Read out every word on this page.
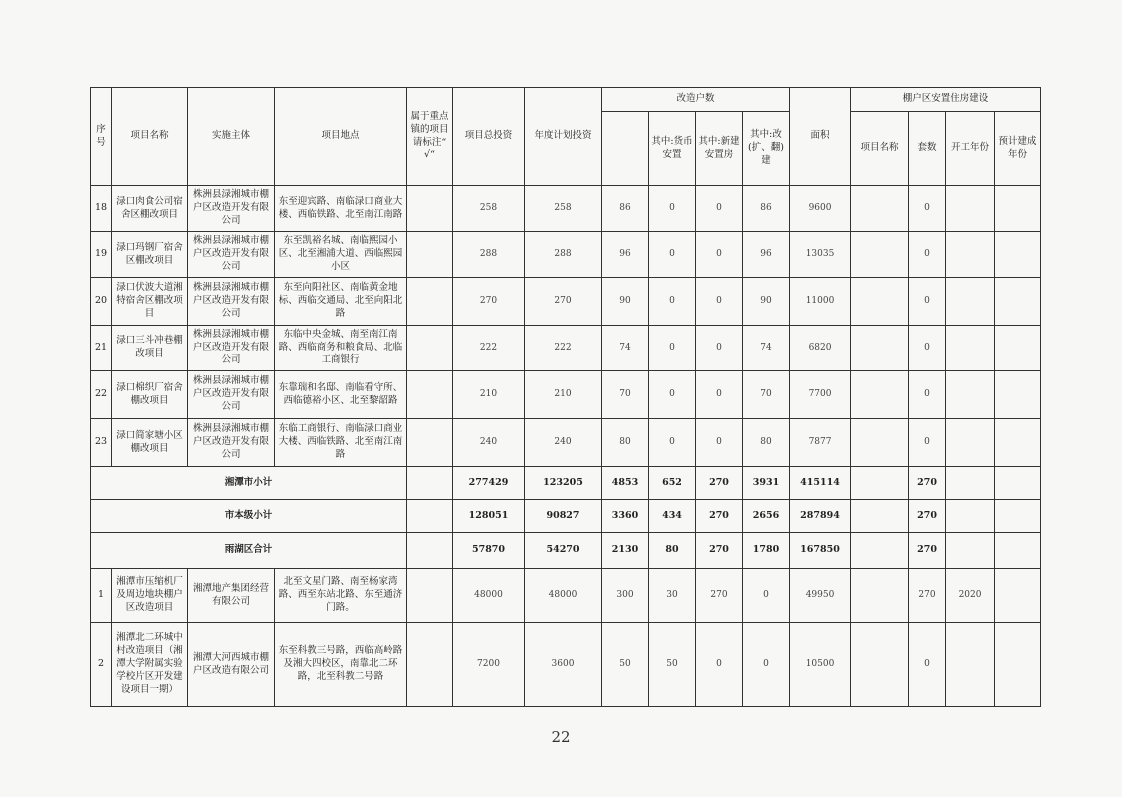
序号	项目名称	实施主体	项目地点	属于重点镇的项目请标注“ √“	项目总投资	年度计划投资	改造户数				面积	棚户区安置住房建设			
								其中:货币安置	其中:新建安置房	其中:改(扩、翻)建		项目名称	套数	开工年份	预计建成年份
18	渌口肉食公司宿舍区棚改项目	株洲县渌湘城市棚户区改造开发有限公司	东至迎宾路、南临渌口商业大楼、西临铁路、北至南江南路		258	258	86	0	0	86	9600		0		
19	渌口玛钢厂宿舍区棚改项目	株洲县渌湘城市棚户区改造开发有限公司	东至凯裕名城、南临熙园小区、北至湘浦大道、西临熙园小区		288	288	96	0	0	96	13035		0		
20	渌口伏波大道湘特宿舍区棚改项目	株洲县渌湘城市棚户区改造开发有限公司	东至向阳社区、南临黄金地标、西临交通局、北至向阳北路		270	270	90	0	0	90	11000		0		
21	渌口三斗冲巷棚改项目	株洲县渌湘城市棚户区改造开发有限公司	东临中央金城、南至南江南路、西临商务和粮食局、北临工商银行		222	222	74	0	0	74	6820		0		
22	渌口棉织厂宿舍棚改项目	株洲县渌湘城市棚户区改造开发有限公司	东靠瑞和名邸、南临看守所、西临德裕小区、北至黎韶路		210	210	70	0	0	70	7700		0		
23	渌口简家塘小区棚改项目	株洲县渌湘城市棚户区改造开发有限公司	东临工商银行、南临渌口商业大楼、西临铁路、北至南江南路		240	240	80	0	0	80	7877		0		
湘潭市小计					277429	123205	4853	652	270	3931	415114		270		
市本级小计					128051	90827	3360	434	270	2656	287894		270		
雨湖区合计					57870	54270	2130	80	270	1780	167850		270		
1	湘潭市压缩机厂及周边地块棚户区改造项目	湘潭地产集团经营有限公司	北至文星门路、南至杨家湾路、西至东站北路、东至通济门路。		48000	48000	300	30	270	0	49950		270	2020	
2	湘潭北二环城中村改造项目（湘潭大学附属实验学校片区开发建设项目一期）	湘潭大河西城市棚户区改造有限公司	东至科教三号路，西临高岭路及湘大四校区，南靠北二环路，北至科教二号路		7200	3600	50	50	0	0	10500		0		
22
